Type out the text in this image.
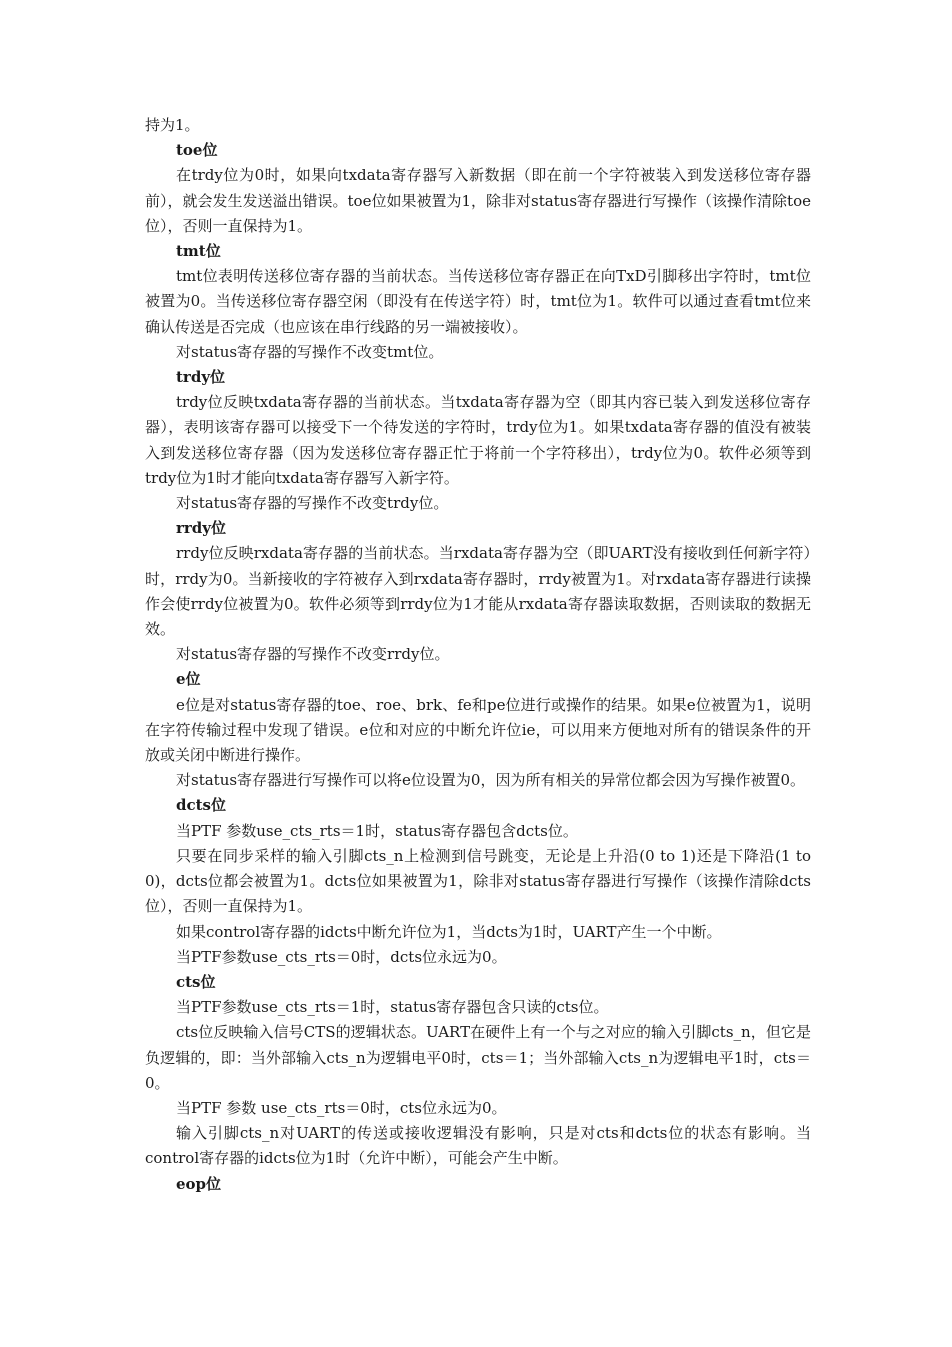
持为1。

toe位

在trdy位为0时，如果向txdata寄存器写入新数据（即在前一个字符被装入到发送移位寄存器前），就会发生发送溢出错误。toe位如果被置为1，除非对status寄存器进行写操作（该操作清除toe位），否则一直保持为1。

tmt位

tmt位表明传送移位寄存器的当前状态。当传送移位寄存器正在向TxD引脚移出字符时，tmt位被置为0。当传送移位寄存器空闲（即没有在传送字符）时，tmt位为1。软件可以通过查看tmt位来确认传送是否完成（也应该在串行线路的另一端被接收）。

对status寄存器的写操作不改变tmt位。

trdy位

trdy位反映txdata寄存器的当前状态。当txdata寄存器为空（即其内容已装入到发送移位寄存器），表明该寄存器可以接受下一个待发送的字符时，trdy位为1。如果txdata寄存器的值没有被装入到发送移位寄存器（因为发送移位寄存器正忙于将前一个字符移出），trdy位为0。软件必须等到trdy位为1时才能向txdata寄存器写入新字符。

对status寄存器的写操作不改变trdy位。

rrdy位

rrdy位反映rxdata寄存器的当前状态。当rxdata寄存器为空（即UART没有接收到任何新字符）时，rrdy为0。当新接收的字符被存入到rxdata寄存器时，rrdy被置为1。对rxdata寄存器进行读操作会使rrdy位被置为0。软件必须等到rrdy位为1才能从rxdata寄存器读取数据，否则读取的数据无效。

对status寄存器的写操作不改变rrdy位。

e位

e位是对status寄存器的toe、roe、brk、fe和pe位进行或操作的结果。如果e位被置为1，说明在字符传输过程中发现了错误。e位和对应的中断允许位ie，可以用来方便地对所有的错误条件的开放或关闭中断进行操作。

对status寄存器进行写操作可以将e位设置为0，因为所有相关的异常位都会因为写操作被置0。

dcts位

当PTF 参数use_cts_rts＝1时，status寄存器包含dcts位。

只要在同步采样的输入引脚cts_n上检测到信号跳变，无论是上升沿(0 to 1)还是下降沿(1 to 0)，dcts位都会被置为1。dcts位如果被置为1，除非对status寄存器进行写操作（该操作清除dcts位），否则一直保持为1。

如果control寄存器的idcts中断允许位为1，当dcts为1时，UART产生一个中断。

当PTF参数use_cts_rts＝0时，dcts位永远为0。

cts位

当PTF参数use_cts_rts＝1时，status寄存器包含只读的cts位。

cts位反映输入信号CTS的逻辑状态。UART在硬件上有一个与之对应的输入引脚cts_n，但它是负逻辑的，即：当外部输入cts_n为逻辑电平0时，cts＝1；当外部输入cts_n为逻辑电平1时，cts＝0。

当PTF 参数 use_cts_rts＝0时，cts位永远为0。

输入引脚cts_n对UART的传送或接收逻辑没有影响，只是对cts和dcts位的状态有影响。当control寄存器的idcts位为1时（允许中断），可能会产生中断。

eop位
